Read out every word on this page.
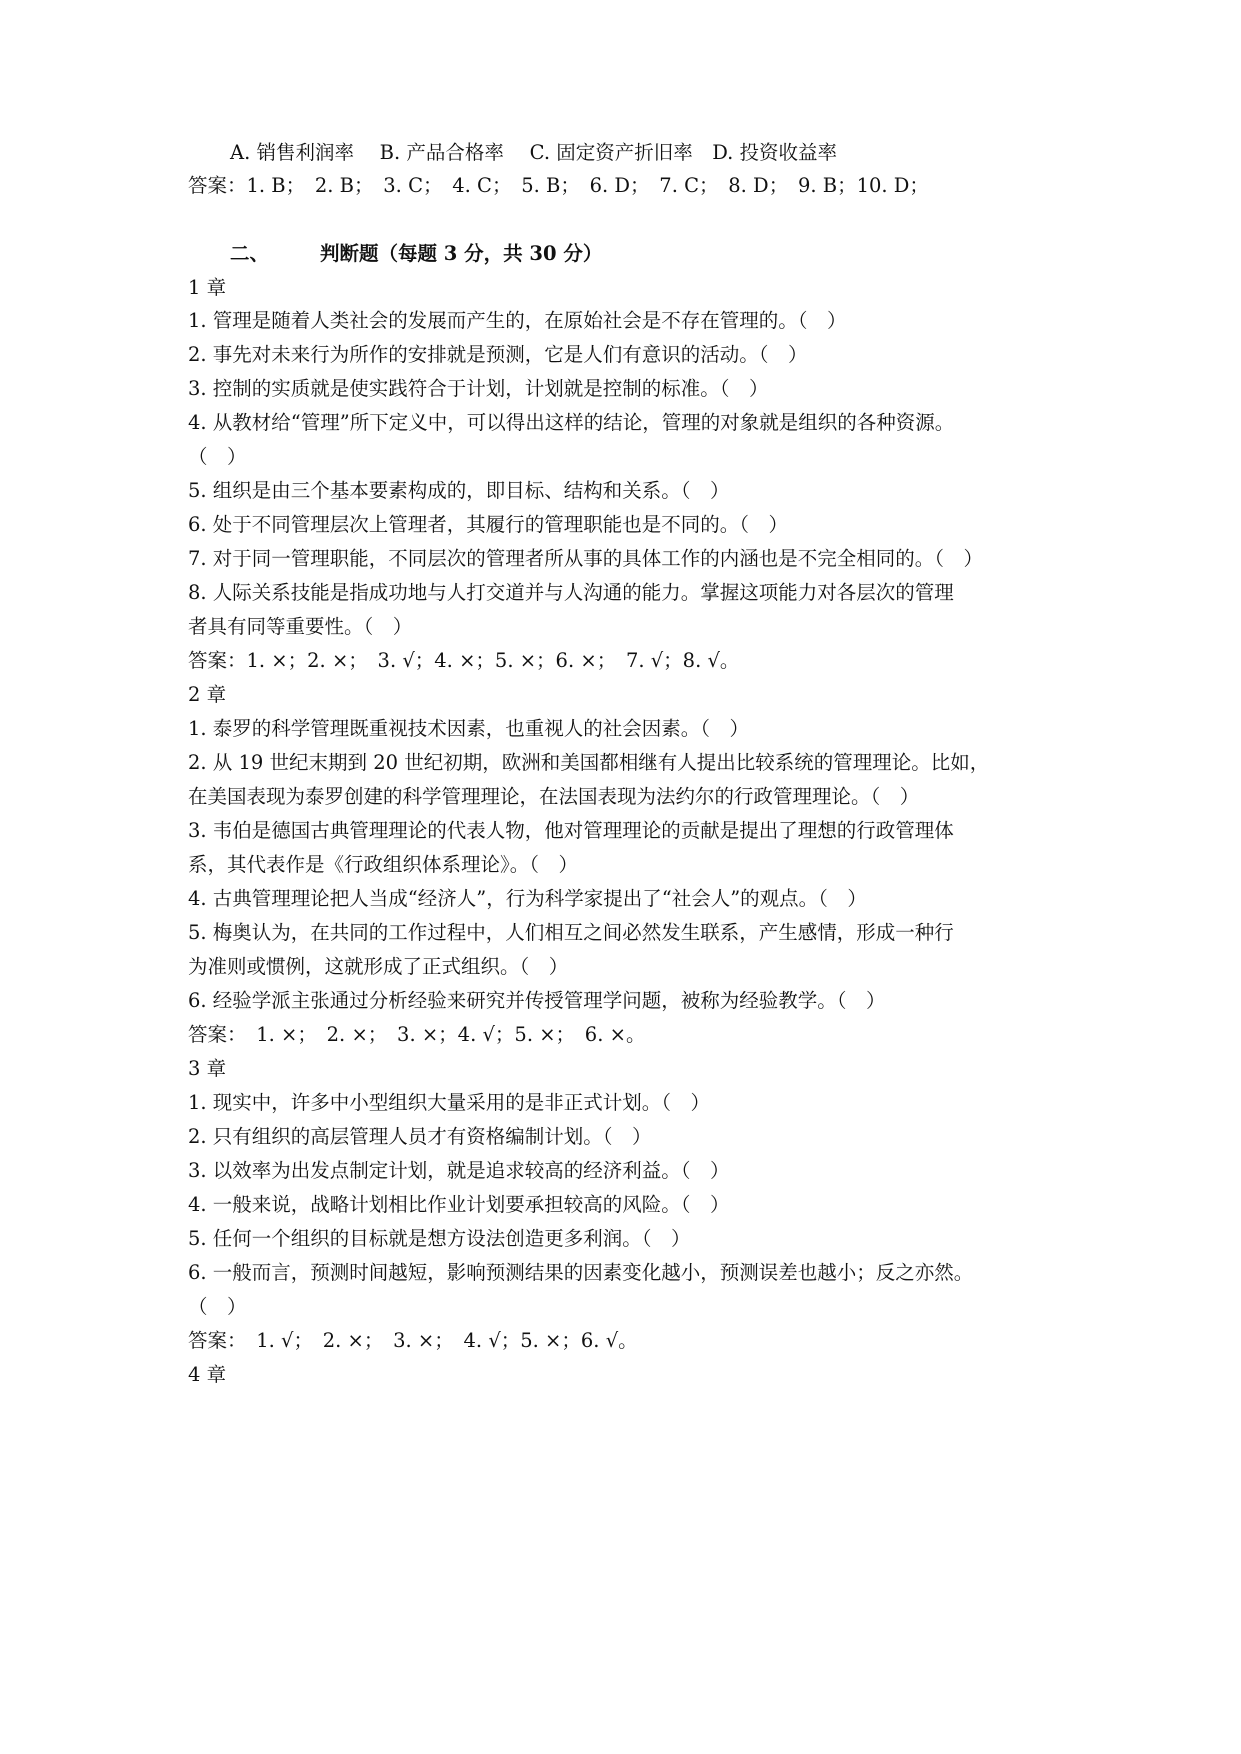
A. 销售利润率　 B. 产品合格率　 C. 固定资产折旧率　D. 投资收益率
答案：1. B；　2. B；　3. C；　4. C；　5. B；　6. D；　7. C；　8. D；　9. B；10. D；
二、	判断题（每题 3 分，共 30 分）
1 章
1. 管理是随着人类社会的发展而产生的，在原始社会是不存在管理的。（　）
2. 事先对未来行为所作的安排就是预测，它是人们有意识的活动。（　）
3. 控制的实质就是使实践符合于计划，计划就是控制的标准。（　）
4. 从教材给“管理”所下定义中，可以得出这样的结论，管理的对象就是组织的各种资源。
（　）
5. 组织是由三个基本要素构成的，即目标、结构和关系。（　）
6. 处于不同管理层次上管理者，其履行的管理职能也是不同的。（　）
7. 对于同一管理职能，不同层次的管理者所从事的具体工作的内涵也是不完全相同的。（　）
8. 人际关系技能是指成功地与人打交道并与人沟通的能力。掌握这项能力对各层次的管理
者具有同等重要性。（　）
答案：1. ×；2. ×；　3. √；4. ×；5. ×；6. ×；　7. √；8. √。
2 章
1. 泰罗的科学管理既重视技术因素，也重视人的社会因素。（　）
2. 从 19 世纪末期到 20 世纪初期，欧洲和美国都相继有人提出比较系统的管理理论。比如，
在美国表现为泰罗创建的科学管理理论，在法国表现为法约尔的行政管理理论。（　）
3. 韦伯是德国古典管理理论的代表人物，他对管理理论的贡献是提出了理想的行政管理体
系，其代表作是《行政组织体系理论》。（　）
4. 古典管理理论把人当成“经济人”，行为科学家提出了“社会人”的观点。（　）
5. 梅奥认为，在共同的工作过程中，人们相互之间必然发生联系，产生感情，形成一种行
为准则或惯例，这就形成了正式组织。（　）
6. 经验学派主张通过分析经验来研究并传授管理学问题，被称为经验教学。（　）
答案：　1. ×；　2. ×；　3. ×；4. √；5. ×；　6. ×。
3 章
1. 现实中，许多中小型组织大量采用的是非正式计划。（　）
2. 只有组织的高层管理人员才有资格编制计划。（　）
3. 以效率为出发点制定计划，就是追求较高的经济利益。（　）
4. 一般来说，战略计划相比作业计划要承担较高的风险。（　）
5. 任何一个组织的目标就是想方设法创造更多利润。（　）
6. 一般而言，预测时间越短，影响预测结果的因素变化越小，预测误差也越小；反之亦然。
（　）
答案：　1. √；　2. ×；　3. ×；　4. √；5. ×；6. √。
4 章
